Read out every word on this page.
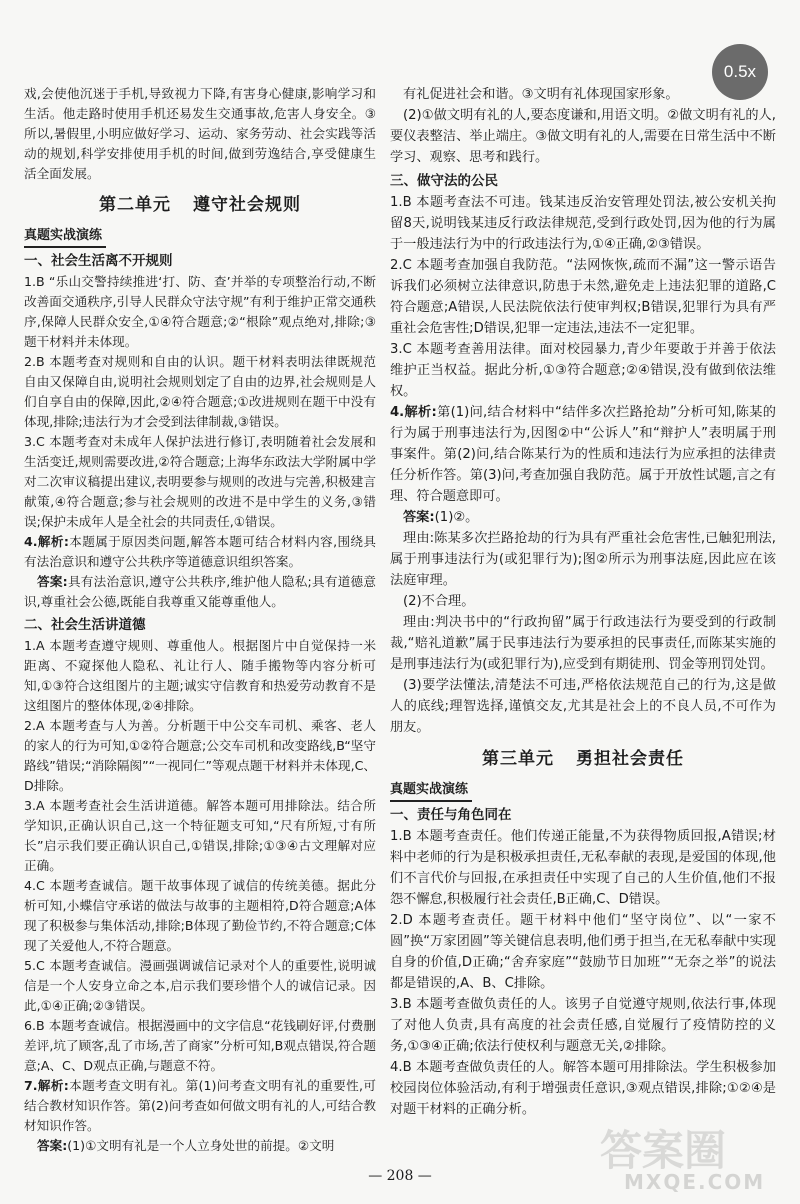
戏,会使他沉迷于手机,导致视力下降,有害身心健康,影响学习和生活。他走路时使用手机还易发生交通事故,危害人身安全。③所以,暑假里,小明应做好学习、运动、家务劳动、社会实践等活动的规划,科学安排使用手机的时间,做到劳逸结合,享受健康生活全面发展。

第二单元 遵守社会规则
真题实战演练

一、社会生活离不开规则

1.B “乐山交警持续推进‘打、防、查’并举的专项整治行动,不断改善面交通秩序,引导人民群众守法守规”有利于维护正常交通秩序,保障人民群众安全,①④符合题意;②“根除”观点绝对,排除;③题干材料并未体现。

2.B 本题考查对规则和自由的认识。题干材料表明法律既规范自由又保障自由,说明社会规则划定了自由的边界,社会规则是人们自享自由的保障,因此,②④符合题意;①改进规则在题干中没有体现,排除;违法行为才会受到法律制裁,③错误。

3.C 本题考查对未成年人保护法进行修订,表明随着社会发展和生活变迁,规则需要改进,②符合题意;上海华东政法大学附属中学对二次审议稿提出建议,表明要参与规则的改进与完善,积极建言献策,④符合题意;参与社会规则的改进不是中学生的义务,③错误;保护未成年人是全社会的共同责任,①错误。

4.解析:本题属于原因类问题,解答本题可结合材料内容,围绕具有法治意识和遵守公共秩序等道德意识组织答案。

答案:具有法治意识,遵守公共秩序,维护他人隐私;具有道德意识,尊重社会公德,既能自我尊重又能尊重他人。

二、社会生活讲道德

1.A 本题考查遵守规则、尊重他人。根据图片中自觉保持一米距离、不窥探他人隐私、礼让行人、随手搬物等内容分析可知,①③符合这组图片的主题;诚实守信教育和热爱劳动教育不是这组图片的整体体现,②④排除。

2.A 本题考查与人为善。分析题干中公交车司机、乘客、老人的家人的行为可知,①②符合题意;公交车司机和改变路线,B“坚守路线”错误;“消除隔阂”“一视同仁”等观点题干材料并未体现,C、D排除。

3.A 本题考查社会生活讲道德。解答本题可用排除法。结合所学知识,正确认识自己,这一个特征题支可知,“尺有所短,寸有所长”启示我们要正确认识自己,①错误,排除;①③④古文理解对应正确。

4.C 本题考查诚信。题干故事体现了诚信的传统美德。据此分析可知,小蝶信守承诺的做法与故事的主题相符,D符合题意;A体现了积极参与集体活动,排除;B体现了勤俭节约,不符合题意;C体现了关爱他人,不符合题意。

5.C 本题考查诚信。漫画强调诚信记录对个人的重要性,说明诚信是一个人安身立命之本,启示我们要珍惜个人的诚信记录。因此,①④正确;②③错误。

6.B 本题考查诚信。根据漫画中的文字信息“花钱刷好评,付费删差评,坑了顾客,乱了市场,苦了商家”分析可知,B观点错误,符合题意;A、C、D观点正确,与题意不符。

7.解析:本题考查文明有礼。第(1)问考查文明有礼的重要性,可结合教材知识作答。第(2)问考查如何做文明有礼的人,可结合教材知识作答。

答案:(1)①文明有礼是一个人立身处世的前提。②文明

有礼促进社会和谐。③文明有礼体现国家形象。

(2)①做文明有礼的人,要态度谦和,用语文明。②做文明有礼的人,要仪表整洁、举止端庄。③做文明有礼的人,需要在日常生活中不断学习、观察、思考和践行。

三、做守法的公民

1.B 本题考查法不可违。钱某违反治安管理处罚法,被公安机关拘留8天,说明钱某违反行政法律规范,受到行政处罚,因为他的行为属于一般违法行为中的行政违法行为,①④正确,②③错误。

2.C 本题考查加强自我防范。“法网恢恢,疏而不漏”这一警示语告诉我们必须树立法律意识,防患于未然,避免走上违法犯罪的道路,C符合题意;A错误,人民法院依法行使审判权;B错误,犯罪行为具有严重社会危害性;D错误,犯罪一定违法,违法不一定犯罪。

3.C 本题考查善用法律。面对校园暴力,青少年要敢于并善于依法维护正当权益。据此分析,①③符合题意;②④错误,没有做到依法维权。

4.解析:第(1)问,结合材料中“结伴多次拦路抢劫”分析可知,陈某的行为属于刑事违法行为,因图②中“公诉人”和“辩护人”表明属于刑事案件。第(2)问,结合陈某行为的性质和违法行为应承担的法律责任分析作答。第(3)问,考查加强自我防范。属于开放性试题,言之有理、符合题意即可。

答案:(1)②。

理由:陈某多次拦路抢劫的行为具有严重社会危害性,已触犯刑法,属于刑事违法行为(或犯罪行为);图②所示为刑事法庭,因此应在该法庭审理。

(2)不合理。

理由:判决书中的“行政拘留”属于行政违法行为要受到的行政制裁,“赔礼道歉”属于民事违法行为要承担的民事责任,而陈某实施的是刑事违法行为(或犯罪行为),应受到有期徒刑、罚金等刑罚处罚。

(3)要学法懂法,清楚法不可违,严格依法规范自己的行为,这是做人的底线;理智选择,谨慎交友,尤其是社会上的不良人员,不可作为朋友。

第三单元 勇担社会责任
真题实战演练

一、责任与角色同在

1.B 本题考查责任。他们传递正能量,不为获得物质回报,A错误;材料中老师的行为是积极承担责任,无私奉献的表现,是爱国的体现,他们不言代价与回报,在承担责任中实现了自己的人生价值,他们不报怨不懈怠,积极履行社会责任,B正确,C、D错误。

2.D 本题考查责任。题干材料中他们“坚守岗位”、以“一家不圆”换“万家团圆”等关键信息表明,他们勇于担当,在无私奉献中实现自身的价值,D正确;“舍弃家庭”“鼓励节日加班”“无奈之举”的说法都是错误的,A、B、C排除。

3.B 本题考查做负责任的人。该男子自觉遵守规则,依法行事,体现了对他人负责,具有高度的社会责任感,自觉履行了疫情防控的义务,①③④正确;依法行使权利与题意无关,②排除。

4.B 本题考查做负责任的人。解答本题可用排除法。学生积极参加校园岗位体验活动,有利于增强责任意识,③观点错误,排除;①②④是对题干材料的正确分析。

— 208 —
0.5x
答案圈
MXQE.COM
